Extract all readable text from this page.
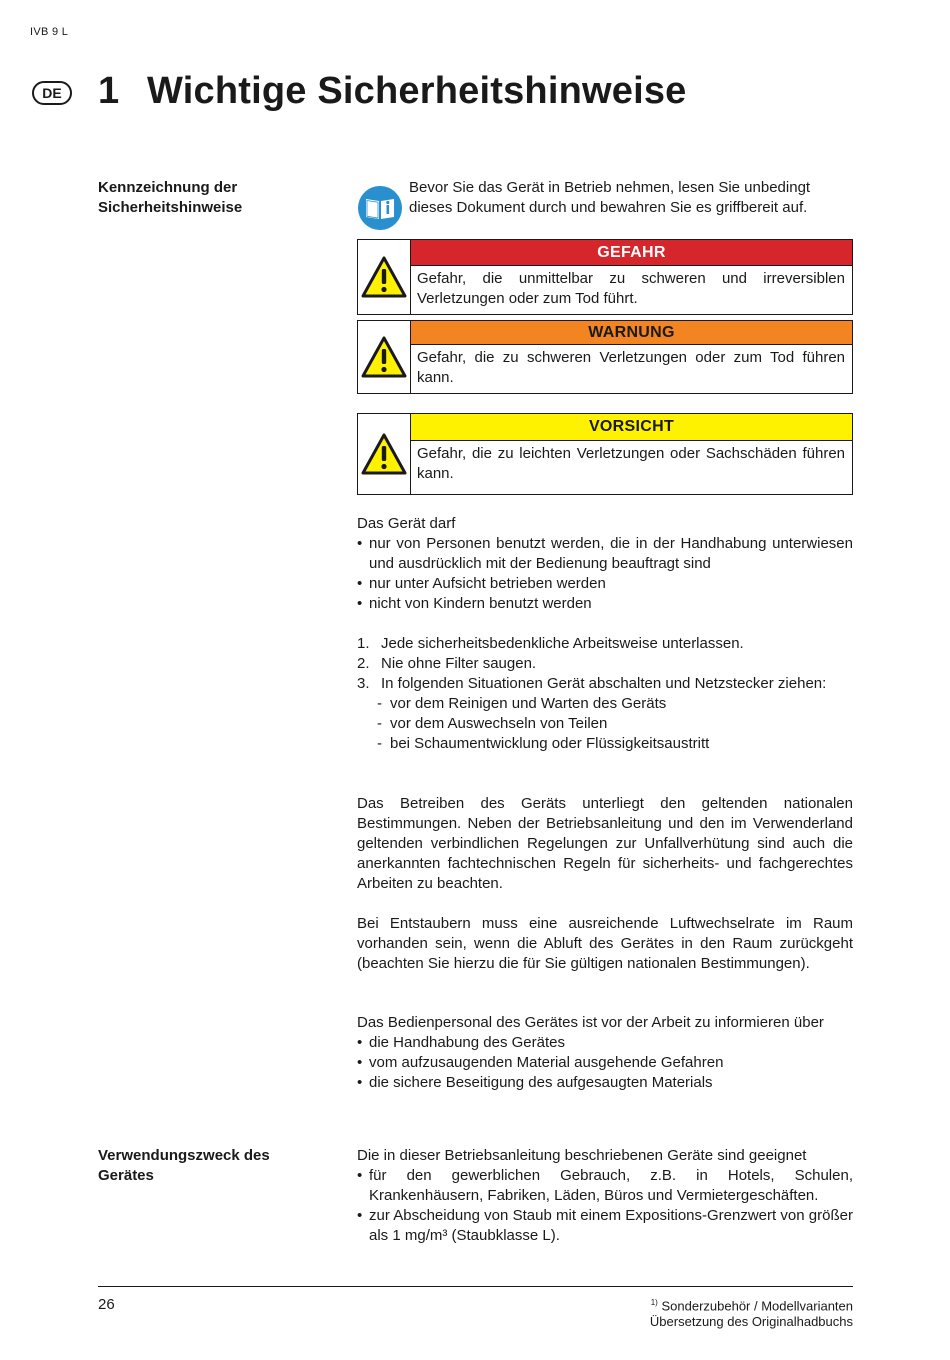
IVB 9 L
DE 1 Wichtige Sicherheitshinweise
Kennzeichnung der
Sicherheitshinweise
Bevor Sie das Gerät in Betrieb nehmen, lesen Sie unbedingt dieses Dokument durch und bewahren Sie es griffbereit auf.
GEFAHR
Gefahr, die unmittelbar zu schweren und irreversiblen Verletzungen oder zum Tod führt.
WARNUNG
Gefahr, die zu schweren Verletzungen oder zum Tod führen kann.
VORSICHT
Gefahr, die zu leichten Verletzungen oder Sachschäden führen kann.

Das Gerät darf

• nur von Personen benutzt werden, die in der Handhabung unterwiesen und ausdrücklich mit der Bedienung beauftragt sind
• nur unter Aufsicht betrieben werden
• nicht von Kindern benutzt werden
1. Jede sicherheitsbedenkliche Arbeitsweise unterlassen.
2. Nie ohne Filter saugen.
3. In folgenden Situationen Gerät abschalten und Netzstecker ziehen:
- vor dem Reinigen und Warten des Geräts
- vor dem Auswechseln von Teilen
- bei Schaumentwicklung oder Flüssigkeitsaustritt
Das Betreiben des Geräts unterliegt den geltenden nationalen Bestimmungen. Neben der Betriebsanleitung und den im Verwenderland geltenden verbindlichen Regelungen zur Unfallverhütung sind auch die anerkannten fachtechnischen Regeln für sicherheits- und fachgerechtes Arbeiten zu beachten.
Bei Entstaubern muss eine ausreichende Luftwechselrate im Raum vorhanden sein, wenn die Abluft des Gerätes in den Raum zurückgeht (beachten Sie hierzu die für Sie gültigen nationalen Bestimmungen).

Das Bedienpersonal des Gerätes ist vor der Arbeit zu informieren über

• die Handhabung des Gerätes
• vom aufzusaugenden Material ausgehende Gefahren
• die sichere Beseitigung des aufgesaugten Materials
Verwendungszweck des
Gerätes

Die in dieser Betriebsanleitung beschriebenen Geräte sind geeignet

• für den gewerblichen Gebrauch, z.B. in Hotels, Schulen, Krankenhäusern, Fabriken, Läden, Büros und Vermietergeschäften.
• zur Abscheidung von Staub mit einem Expositions-Grenzwert von größer als 1 mg/m³ (Staubklasse L).
26	$^{1)}$ Sonderzubehör / Modellvarianten
Übersetzung des Originalhadbuchs
